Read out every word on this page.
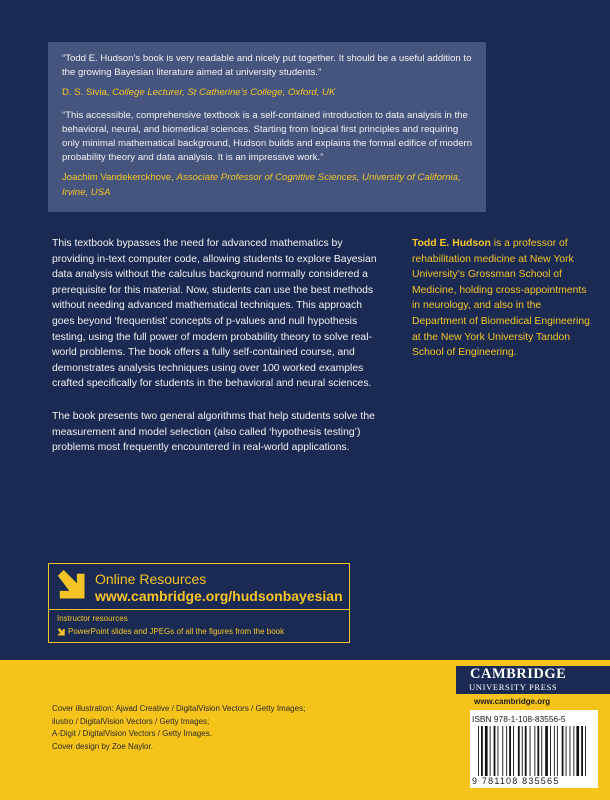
“Todd E. Hudson’s book is very readable and nicely put together. It should be a useful addition to the growing Bayesian literature aimed at university students.”

D. S. Sivia, College Lecturer, St Catherine’s College, Oxford, UK

“This accessible, comprehensive textbook is a self-contained introduction to data analysis in the behavioral, neural, and biomedical sciences. Starting from logical first principles and requiring only minimal mathematical background, Hudson builds and explains the formal edifice of modern probability theory and data analysis. It is an impressive work.”

Joachim Vandekerckhove, Associate Professor of Cognitive Sciences, University of California, Irvine, USA

This textbook bypasses the need for advanced mathematics by providing in-text computer code, allowing students to explore Bayesian data analysis without the calculus background normally considered a prerequisite for this material. Now, students can use the best methods without needing advanced mathematical techniques. This approach goes beyond ‘frequentist’ concepts of p-values and null hypothesis testing, using the full power of modern probability theory to solve real-world problems. The book offers a fully self-contained course, and demonstrates analysis techniques using over 100 worked examples crafted specifically for students in the behavioral and neural sciences.

The book presents two general algorithms that help students solve the measurement and model selection (also called ‘hypothesis testing’) problems most frequently encountered in real-world applications.

Todd E. Hudson is a professor of rehabilitation medicine at New York University’s Grossman School of Medicine, holding cross-appointments in neurology, and also in the Department of Biomedical Engineering at the New York University Tandon School of Engineering.
Online Resources
www.cambridge.org/hudsonbayesian
Instructor resources
PowerPoint slides and JPEGs of all the figures from the book
Cover illustration: Ajwad Creative / DigitalVision Vectors / Getty Images;
ilustro / DigitalVision Vectors / Getty Images;
A-Digit / DigitalVision Vectors / Getty Images.
Cover design by Zoe Naylor.
CAMBRIDGE
UNIVERSITY PRESS
www.cambridge.org
ISBN 978-1-108-83556-5
9 781108 835565
